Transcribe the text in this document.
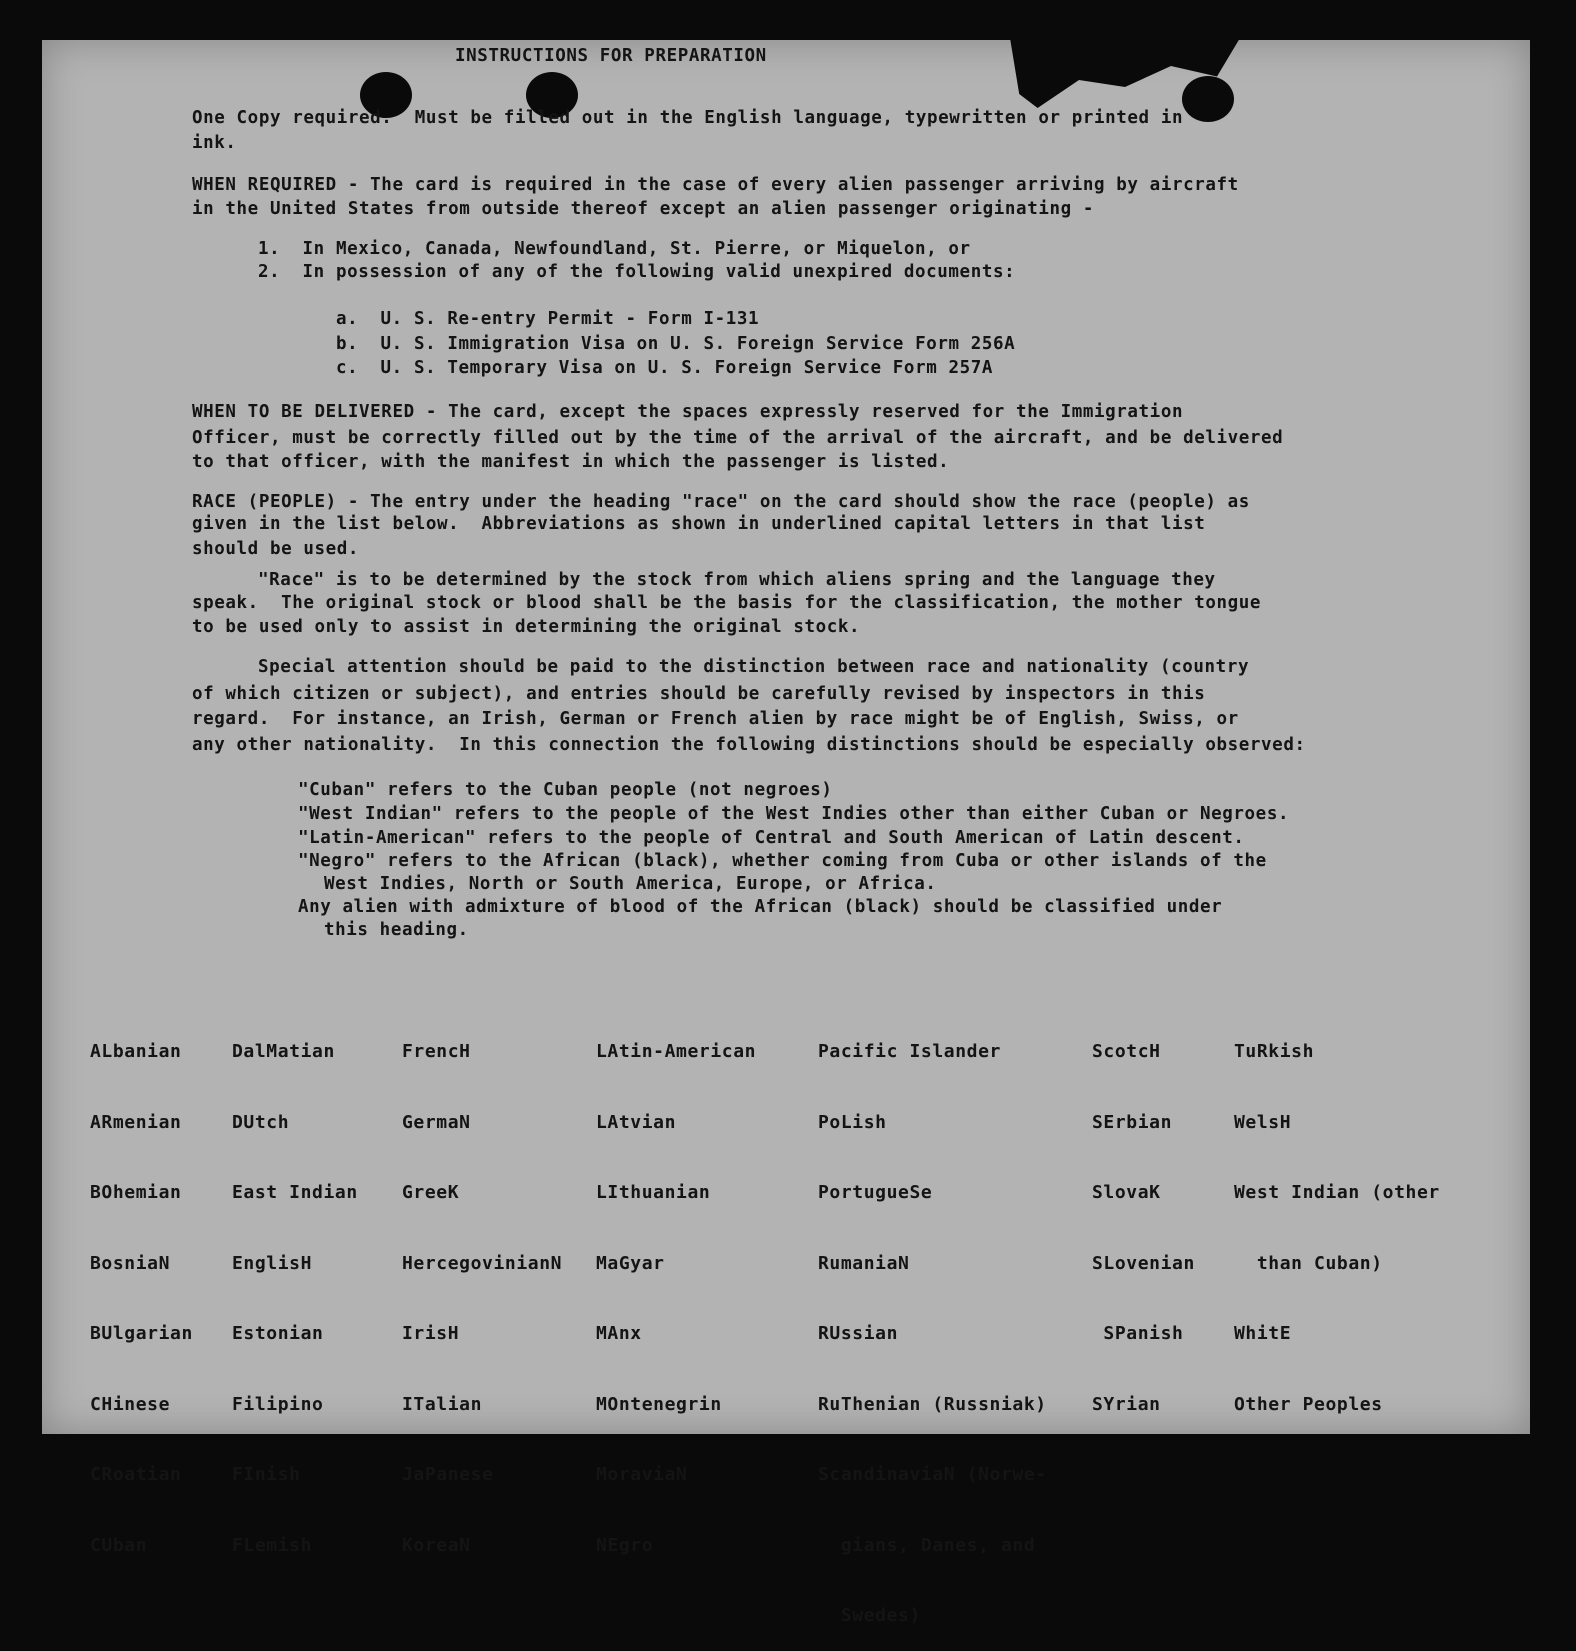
INSTRUCTIONS FOR PREPARATION
One Copy required.  Must be filled out in the English language, typewritten or printed in
ink.
WHEN REQUIRED - The card is required in the case of every alien passenger arriving by aircraft
in the United States from outside thereof except an alien passenger originating -
1.  In Mexico, Canada, Newfoundland, St. Pierre, or Miquelon, or
2.  In possession of any of the following valid unexpired documents:
a.  U. S. Re-entry Permit - Form I-131
b.  U. S. Immigration Visa on U. S. Foreign Service Form 256A
c.  U. S. Temporary Visa on U. S. Foreign Service Form 257A
WHEN TO BE DELIVERED - The card, except the spaces expressly reserved for the Immigration
Officer, must be correctly filled out by the time of the arrival of the aircraft, and be delivered
to that officer, with the manifest in which the passenger is listed.
RACE (PEOPLE) - The entry under the heading "race" on the card should show the race (people) as
given in the list below.  Abbreviations as shown in underlined capital letters in that list
should be used.
"Race" is to be determined by the stock from which aliens spring and the language they
speak.  The original stock or blood shall be the basis for the classification, the mother tongue
to be used only to assist in determining the original stock.
Special attention should be paid to the distinction between race and nationality (country
of which citizen or subject), and entries should be carefully revised by inspectors in this
regard.  For instance, an Irish, German or French alien by race might be of English, Swiss, or
any other nationality.  In this connection the following distinctions should be especially observed:
"Cuban" refers to the Cuban people (not negroes)
"West Indian" refers to the people of the West Indies other than either Cuban or Negroes.
"Latin-American" refers to the people of Central and South American of Latin descent.
"Negro" refers to the African (black), whether coming from Cuba or other islands of the
West Indies, North or South America, Europe, or Africa.
Any alien with admixture of blood of the African (black) should be classified under
this heading.

ALbanian

ARmenian

BOhemian

BosniaN

BUlgarian

CHinese

CRoatian

CUban

DalMatian

DUtch

East Indian

EnglisH

Estonian

Filipino

FInish

FLemish

FrencH

GermaN

GreeK

HercegovinianN

IrisH

ITalian

JaPanese

KoreaN

LAtin-American

LAtvian

LIthuanian

MaGyar

MAnx

MOntenegrin

MoraviaN

NEgro

Pacific Islander

PoLish

PortugueSe

RumaniaN

RUssian

RuThenian (Russniak)

ScandinaviaN (Norwe-

gians, Danes, and

Swedes)

ScotcH

SErbian

SlovaK

SLovenian

SPanish

SYrian

TuRkish

WelsH

West Indian (other

than Cuban)

WhitE

Other Peoples
